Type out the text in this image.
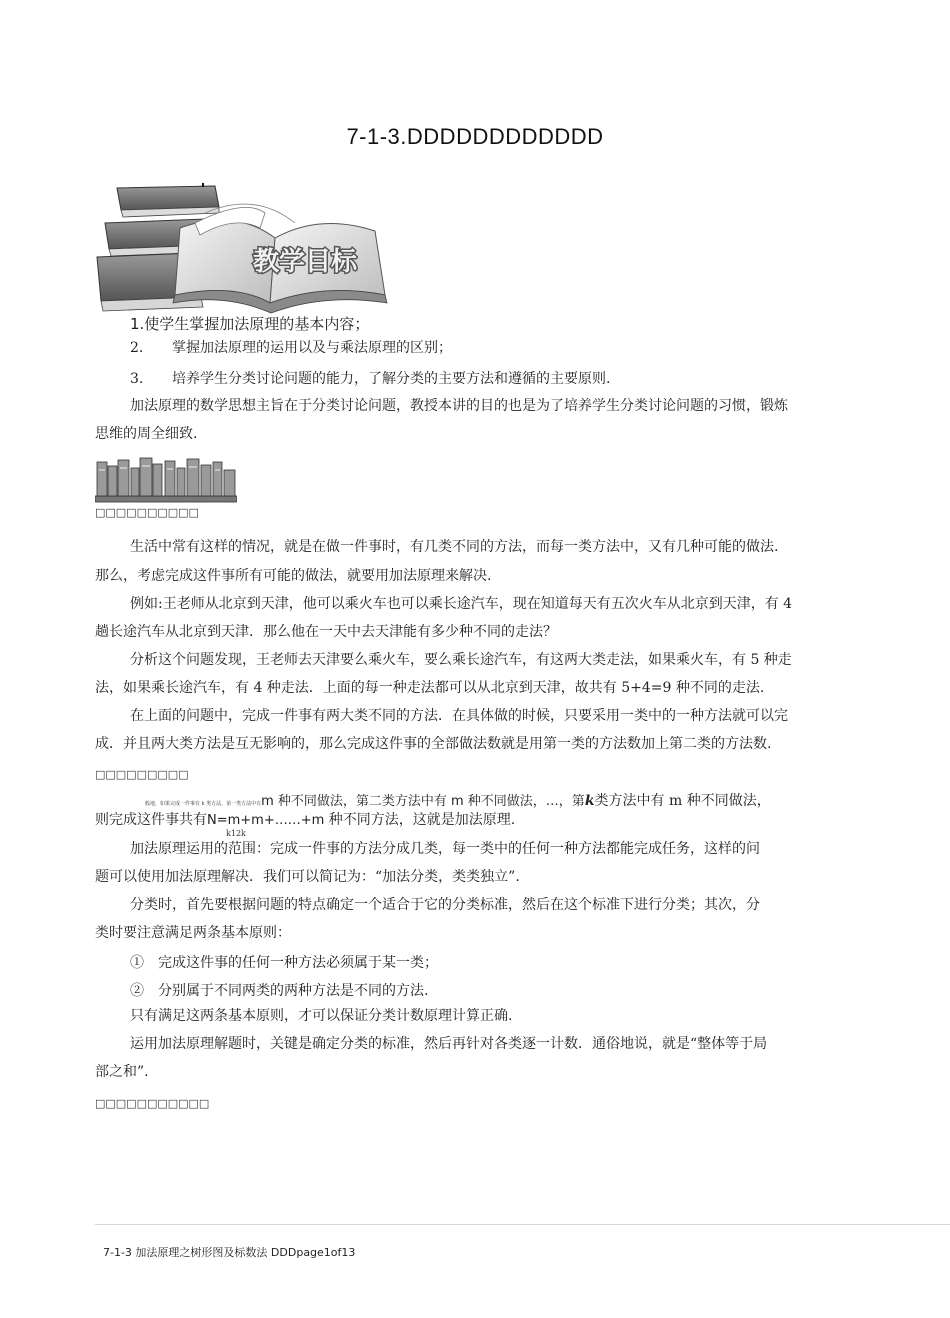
7-1-3.DDDDDDDDDDDD
教学目标
1.使学生掌握加法原理的基本内容；
2. 掌握加法原理的运用以及与乘法原理的区别；
3. 培养学生分类讨论问题的能力，了解分类的主要方法和遵循的主要原则.
加法原理的数学思想主旨在于分类讨论问题，教授本讲的目的也是为了培养学生分类讨论问题的习惯，锻炼
思维的周全细致.
□□□□□□□□□□
生活中常有这样的情况，就是在做一件事时，有几类不同的方法，而每一类方法中，又有几种可能的做法.
那么，考虑完成这件事所有可能的做法，就要用加法原理来解决.
例如:王老师从北京到天津，他可以乘火车也可以乘长途汽车，现在知道每天有五次火车从北京到天津，有 4
趟长途汽车从北京到天津．那么他在一天中去天津能有多少种不同的走法？
分析这个问题发现，王老师去天津要么乘火车，要么乘长途汽车，有这两大类走法，如果乘火车，有 5 种走
法，如果乘长途汽车，有 4 种走法．上面的每一种走法都可以从北京到天津，故共有 5+4=9 种不同的走法.
在上面的问题中，完成一件事有两大类不同的方法．在具体做的时候，只要采用一类中的一种方法就可以完
成．并且两大类方法是互无影响的，那么完成这件事的全部做法数就是用第一类的方法数加上第二类的方法数.
□□□□□□□□□
般地，如果完成一件事有 k 类方法，第一类方法中有m 种不同做法，第二类方法中有 m 种不同做法，…，第k类方法中有 m 种不同做法，
则完成这件事共有N=m+m+……+m 种不同方法，这就是加法原理.
k12k
加法原理运用的范围：完成一件事的方法分成几类，每一类中的任何一种方法都能完成任务，这样的问
题可以使用加法原理解决．我们可以简记为：“加法分类，类类独立”.
分类时，首先要根据问题的特点确定一个适合于它的分类标准，然后在这个标准下进行分类；其次，分
类时要注意满足两条基本原则：
①　完成这件事的任何一种方法必须属于某一类；
②　分别属于不同两类的两种方法是不同的方法.
只有满足这两条基本原则，才可以保证分类计数原理计算正确.
运用加法原理解题时，关键是确定分类的标准，然后再针对各类逐一计数．通俗地说，就是“整体等于局
部之和”.
□□□□□□□□□□□
7-1-3 加法原理之树形图及标数法 DDDpage1of13
